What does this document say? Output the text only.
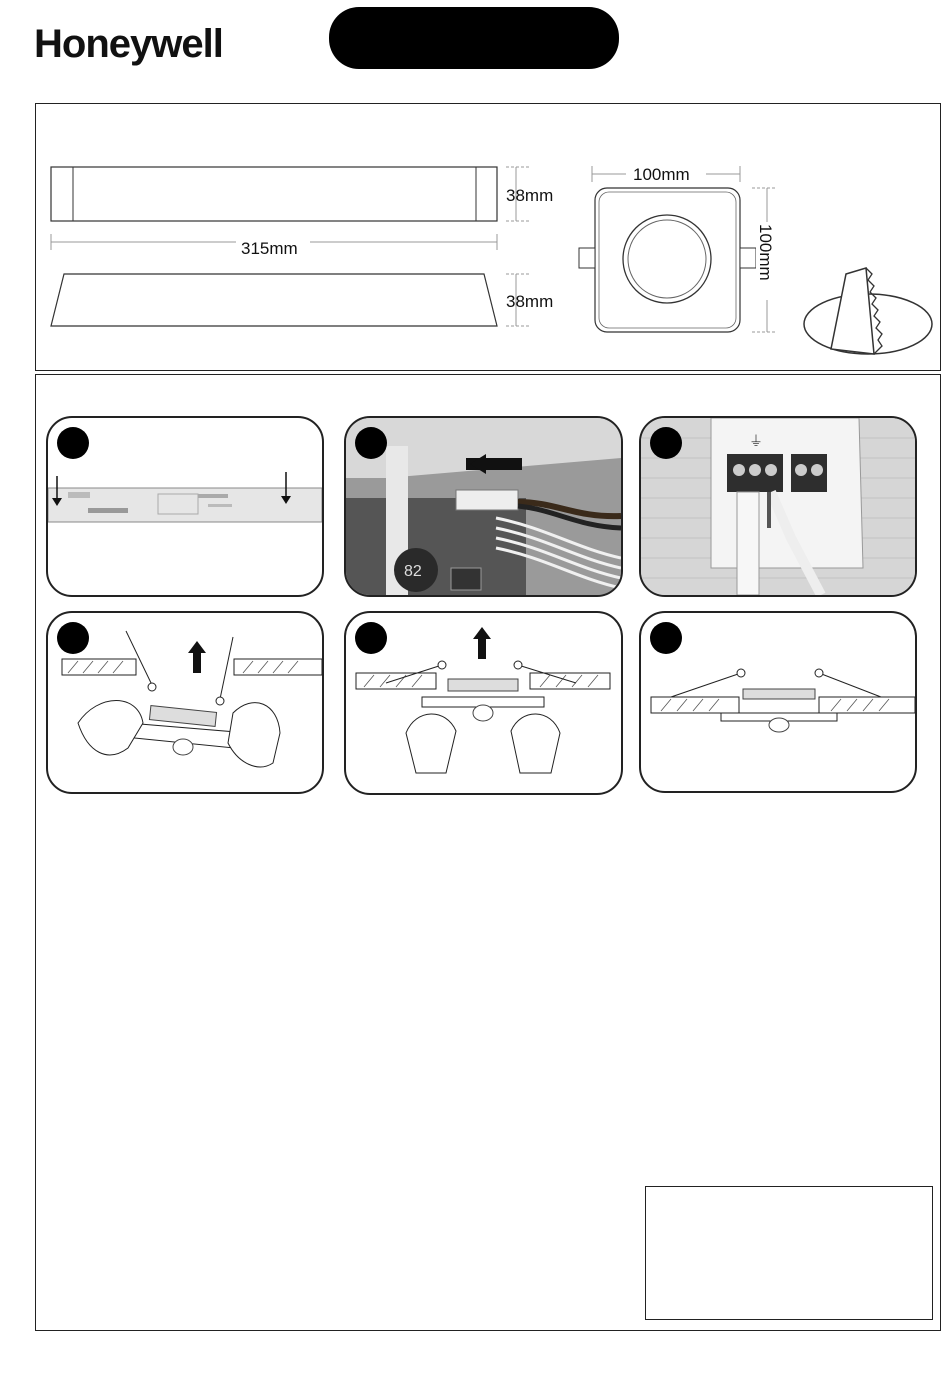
Honeywell
38mm
315mm
38mm
100mm
100mm
82
⏚
